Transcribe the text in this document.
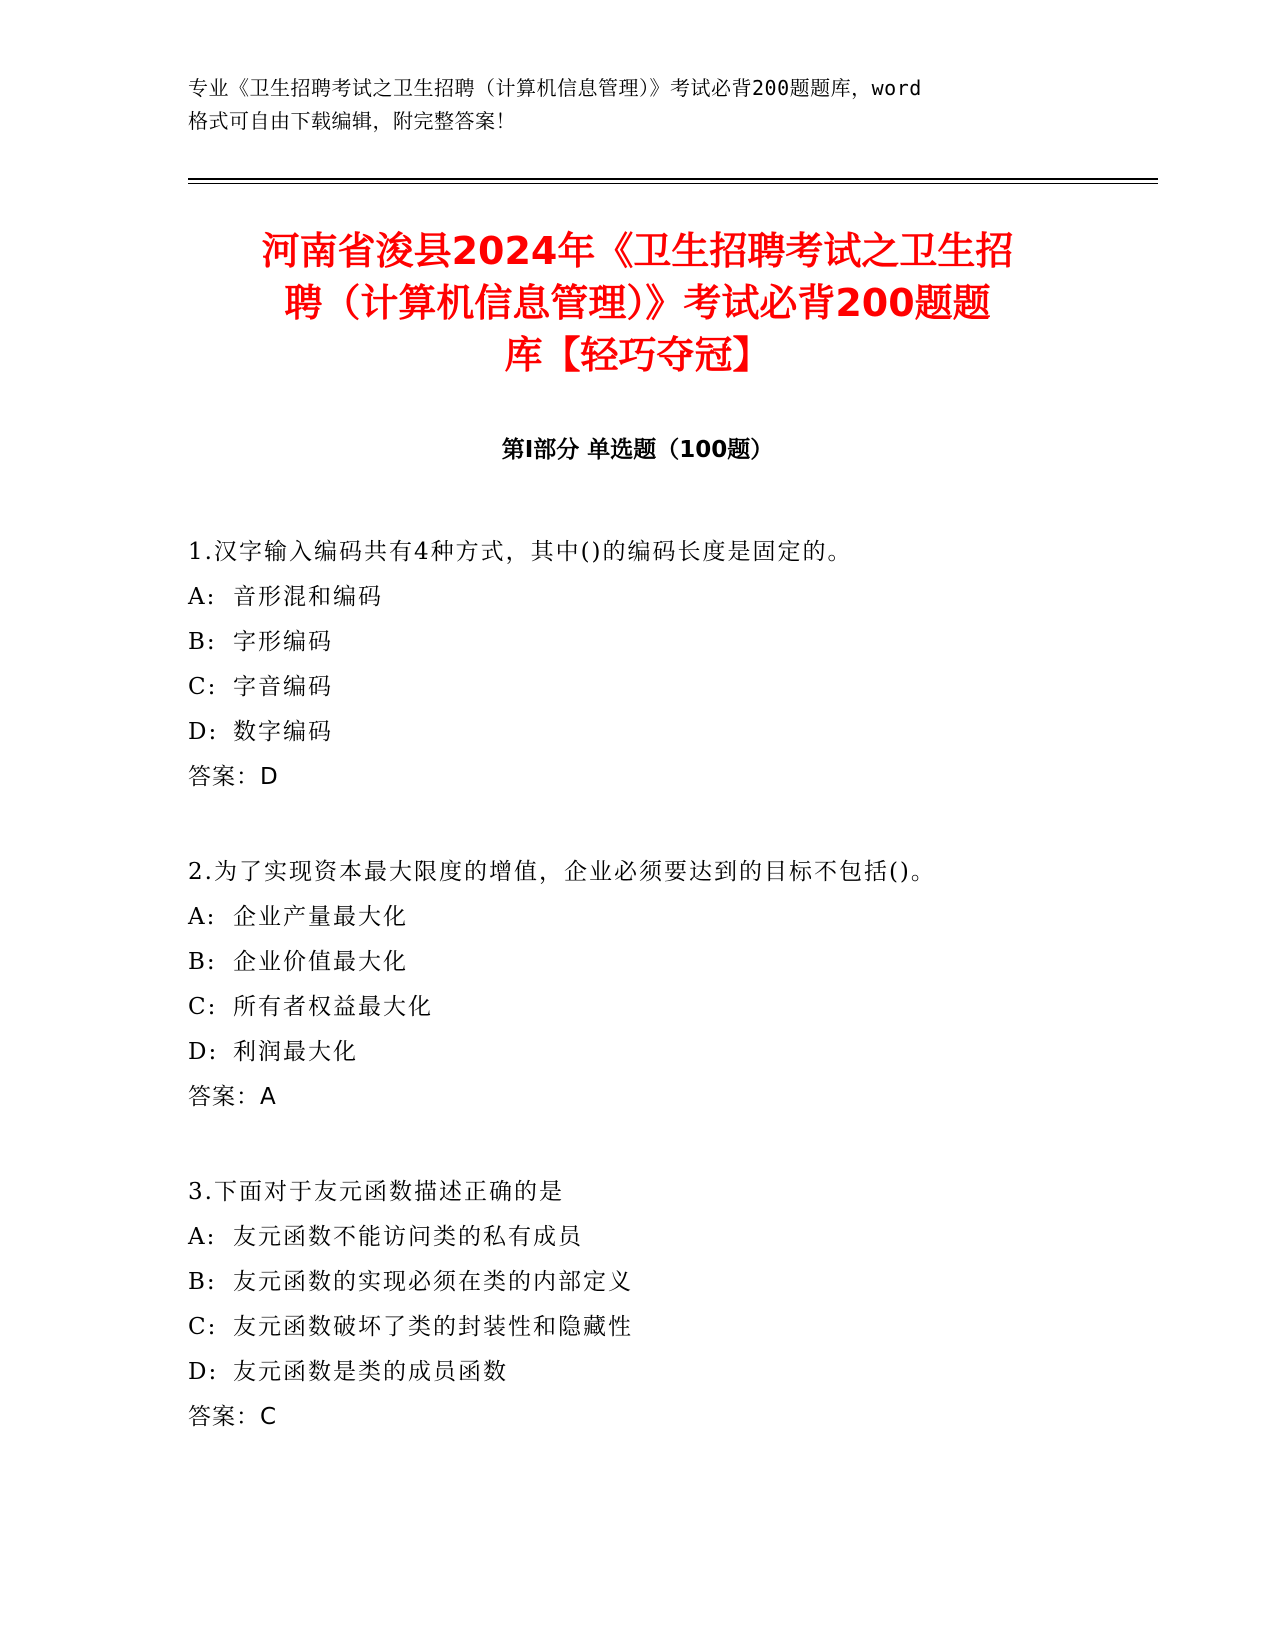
专业《卫生招聘考试之卫生招聘（计算机信息管理）》考试必背200题题库，word
格式可自由下载编辑，附完整答案！
河南省浚县2024年《卫生招聘考试之卫生招
聘（计算机信息管理）》考试必背200题题
库【轻巧夺冠】
第Ⅰ部分 单选题（100题）
1.汉字输入编码共有4种方式，其中()的编码长度是固定的。
A: 音形混和编码
B: 字形编码
C: 字音编码
D: 数字编码
答案：D
2.为了实现资本最大限度的增值，企业必须要达到的目标不包括()。
A: 企业产量最大化
B: 企业价值最大化
C: 所有者权益最大化
D: 利润最大化
答案：A
3.下面对于友元函数描述正确的是
A: 友元函数不能访问类的私有成员
B: 友元函数的实现必须在类的内部定义
C: 友元函数破坏了类的封装性和隐藏性
D: 友元函数是类的成员函数
答案：C
